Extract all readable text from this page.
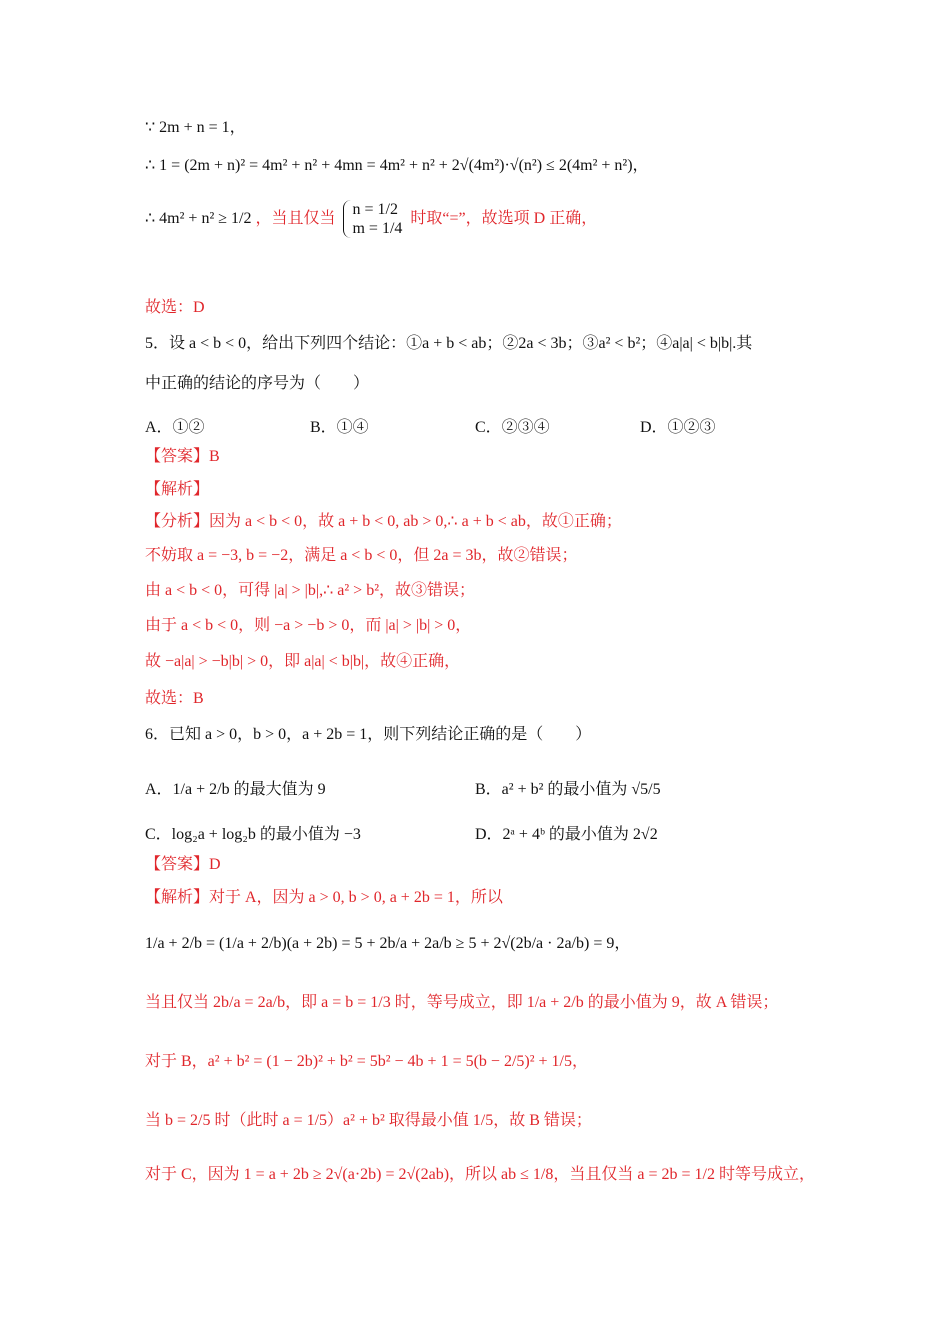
∵ 2m + n = 1，
∴ 1 = (2m + n)² = 4m² + n² + 4mn = 4m² + n² + 2√(4m²)·√(n²) ≤ 2(4m² + n²)，
∴ 4m² + n² ≥ 1/2 ，当且仅当
n = 1/2
m = 1/4
时取“=”，故选项 D 正确，
故选：D
5．设 a < b < 0，给出下列四个结论：①a + b < ab；②2a < 3b；③a² < b²；④a|a| < b|b|.其
中正确的结论的序号为（　　）
A．①②	B．①④	C．②③④	D．①②③
【答案】B
【解析】
【分析】因为 a < b < 0，故 a + b < 0, ab > 0,∴ a + b < ab，故①正确；
不妨取 a = −3, b = −2，满足 a < b < 0，但 2a = 3b，故②错误；
由 a < b < 0，可得 |a| > |b|,∴ a² > b²，故③错误；
由于 a < b < 0，则 −a > −b > 0，而 |a| > |b| > 0，
故 −a|a| > −b|b| > 0，即 a|a| < b|b|，故④正确，
故选：B
6．已知 a > 0，b > 0，a + 2b = 1，则下列结论正确的是（　　）
A．1/a + 2/b 的最大值为 9	B．a² + b² 的最小值为 √5/5
C．log₂a + log₂b 的最小值为 −3	D．2ᵃ + 4ᵇ 的最小值为 2√2
【答案】D
【解析】对于 A，因为 a > 0, b > 0, a + 2b = 1，所以
1/a + 2/b = (1/a + 2/b)(a + 2b) = 5 + 2b/a + 2a/b ≥ 5 + 2√(2b/a · 2a/b) = 9，
当且仅当 2b/a = 2a/b，即 a = b = 1/3 时，等号成立，即 1/a + 2/b 的最小值为 9，故 A 错误；
对于 B，a² + b² = (1 − 2b)² + b² = 5b² − 4b + 1 = 5(b − 2/5)² + 1/5，
当 b = 2/5 时（此时 a = 1/5）a² + b² 取得最小值 1/5，故 B 错误；
对于 C，因为 1 = a + 2b ≥ 2√(a·2b) = 2√(2ab)，所以 ab ≤ 1/8，当且仅当 a = 2b = 1/2 时等号成立，
